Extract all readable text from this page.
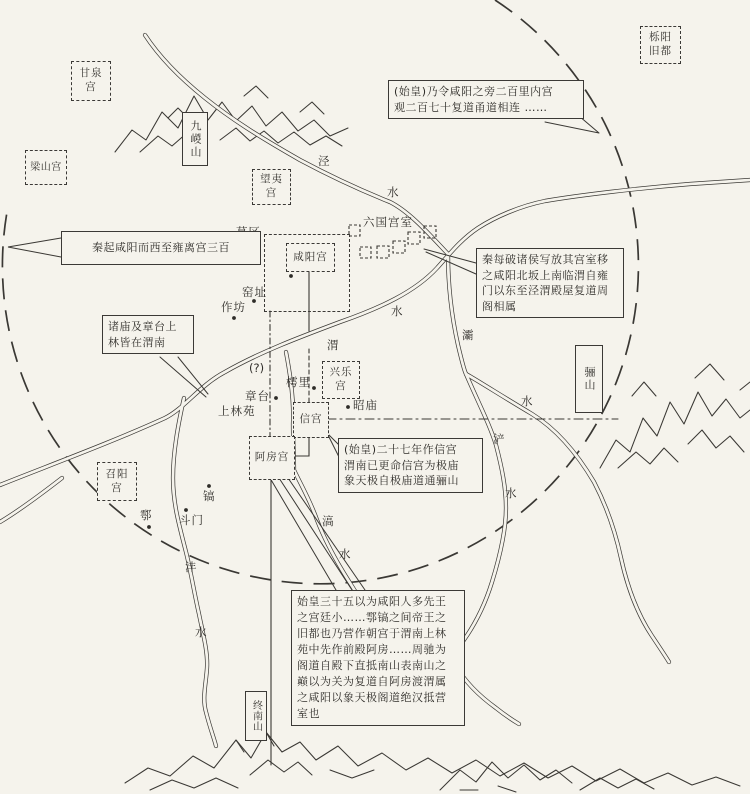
甘泉
宫
梁山宫
望夷
宫
栎阳
旧都
咸阳宫
兴乐
宫
信宫
阿房宫
召阳
宫
九嵕山
骊山
终南山
(始皇)乃令咸阳之旁二百里内宫
观二百七十复道甬道相连 ……
秦起咸阳而西至雍离宫三百
诸庙及章台上
林皆在渭南
秦每破诸侯写放其宫室移
之咸阳北坂上南临渭自雍
门以东至泾渭殿屋复道周
阁相属
(始皇)二十七年作信宫
渭南已更命信宫为极庙
象天极自极庙道通骊山
始皇三十五以为咸阳人多先王
之宫廷小……鄠镐之间帝王之
旧都也乃营作朝宫于渭南上林
苑中先作前殿阿房……周驰为
阁道自殿下直抵南山表南山之
巅以为关为复道自阿房渡渭属
之咸阳以象天极阁道绝汉抵营
室也
泾
水
渭
水
灞
水
浐
水
沣
水
滈
水
窑址
作坊
六国宫室
(?)
樗里
章台
上林苑	昭庙
鄠
镐
斗门
